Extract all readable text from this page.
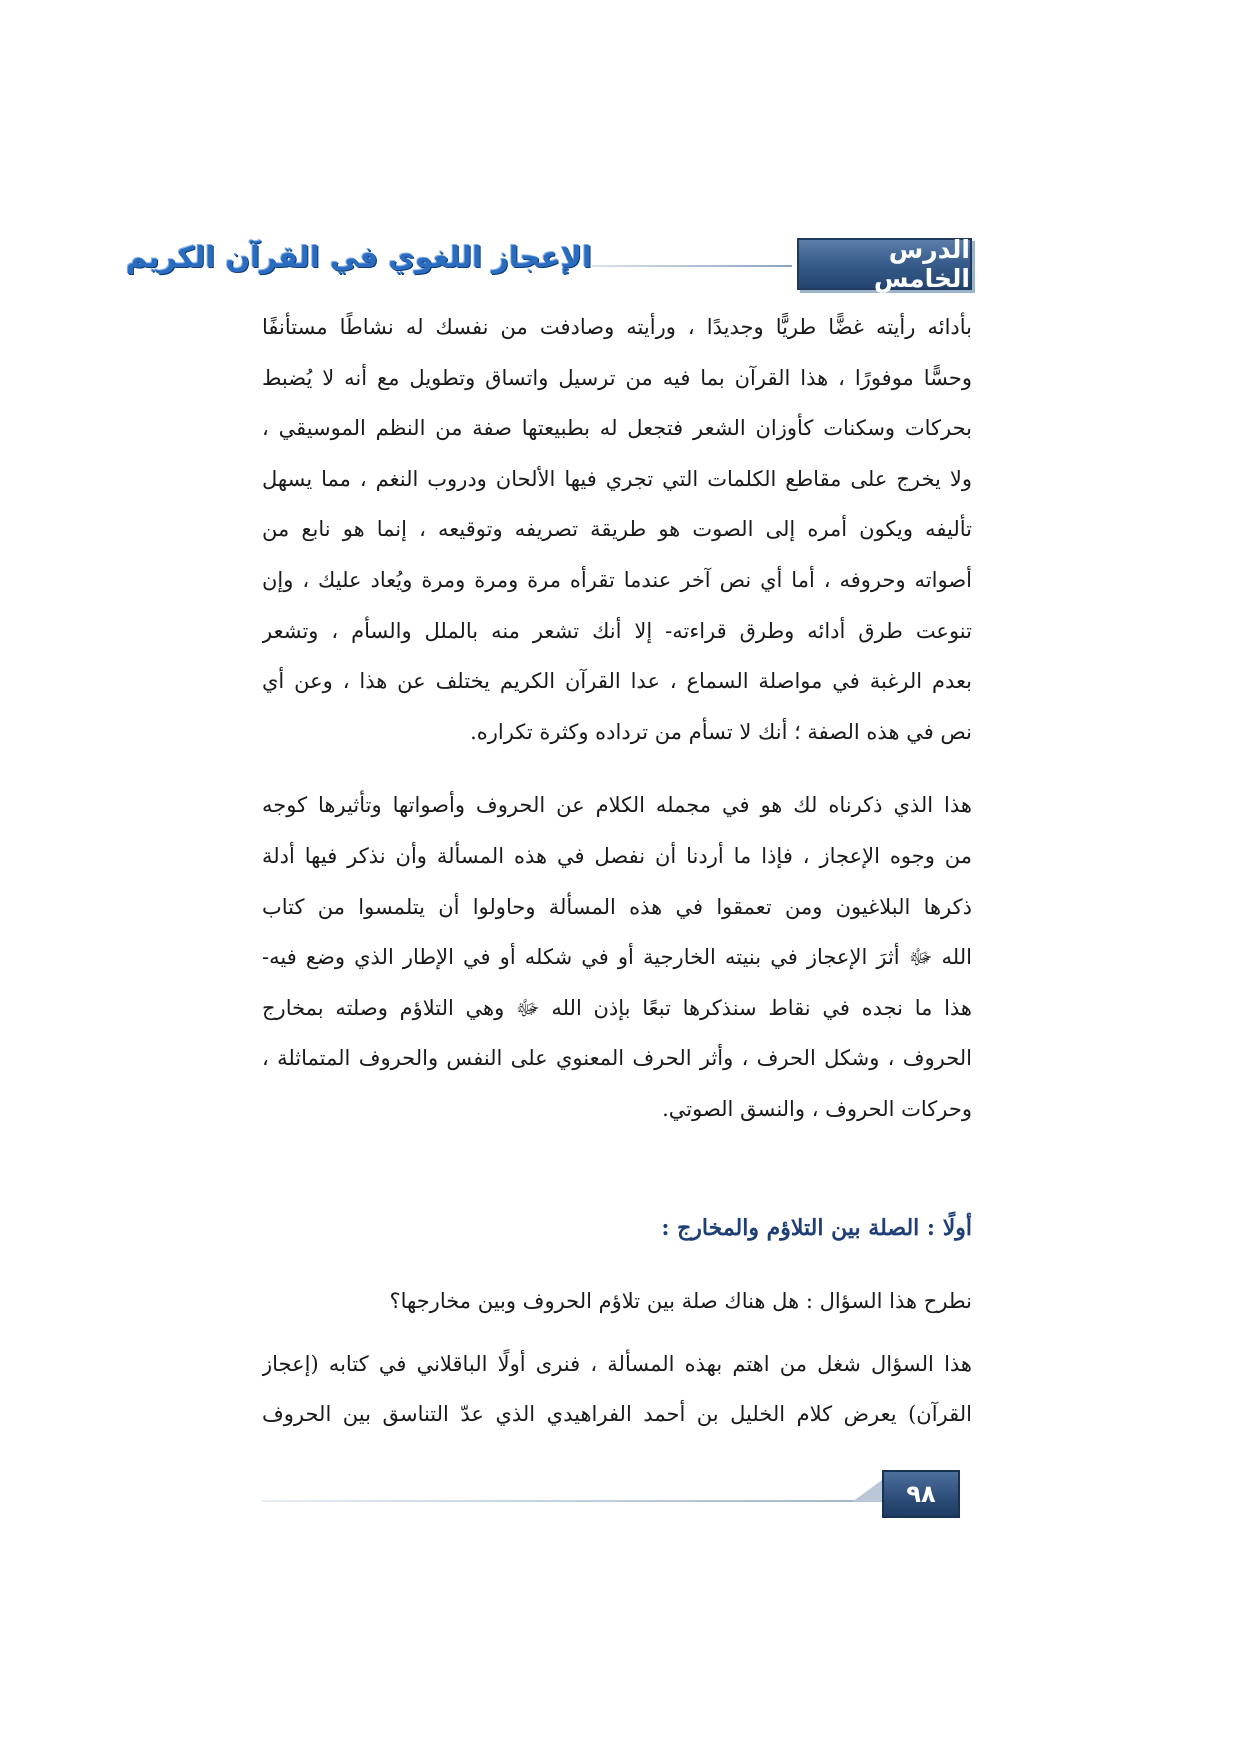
الدرس الخامس
الإعجاز اللغوي في القرآن الكريم

بأدائه رأيته غضًّا طريًّا وجديدًا ، ورأيته وصادفت من نفسك له نشاطًا مستأنفًا
وحسًّا موفورًا ، هذا القرآن بما فيه من ترسيل واتساق وتطويل مع أنه لا يُضبط
بحركات وسكنات كأوزان الشعر فتجعل له بطبيعتها صفة من النظم الموسيقي ،
ولا يخرج على مقاطع الكلمات التي تجري فيها الألحان ودروب النغم ، مما يسهل
تأليفه ويكون أمره إلى الصوت هو طريقة تصريفه وتوقيعه ، إنما هو نابع من
أصواته وحروفه ، أما أي نص آخر عندما تقرأه مرة ومرة ومرة ويُعاد عليك ، وإن
تنوعت طرق أدائه وطرق قراءته- إلا أنك تشعر منه بالملل والسأم ، وتشعر
بعدم الرغبة في مواصلة السماع ، عدا القرآن الكريم يختلف عن هذا ، وعن أي
نص في هذه الصفة ؛ أنك لا تسأم من ترداده وكثرة تكراره.

هذا الذي ذكرناه لك هو في مجمله الكلام عن الحروف وأصواتها وتأثيرها كوجه
من وجوه الإعجاز ، فإذا ما أردنا أن نفصل في هذه المسألة وأن نذكر فيها أدلة
ذكرها البلاغيون ومن تعمقوا في هذه المسألة وحاولوا أن يتلمسوا من كتاب
الله ﷻ أثرَ الإعجاز في بنيته الخارجية أو في شكله أو في الإطار الذي وضع فيه-
هذا ما نجده في نقاط سنذكرها تبعًا بإذن الله ﷻ وهي التلاؤم وصلته بمخارج
الحروف ، وشكل الحرف ، وأثر الحرف المعنوي على النفس والحروف المتماثلة ،
وحركات الحروف ، والنسق الصوتي.

أولًا : الصلة بين التلاؤم والمخارج :
نطرح هذا السؤال : هل هناك صلة بين تلاؤم الحروف وبين مخارجها؟
هذا السؤال شغل من اهتم بهذه المسألة ، فنرى أولًا الباقلاني في كتابه (إعجاز
القرآن) يعرض كلام الخليل بن أحمد الفراهيدي الذي عدّ التناسق بين الحروف
٩٨
